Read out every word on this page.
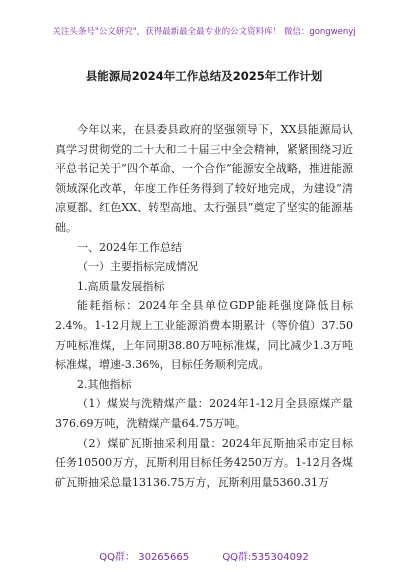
关注头条号"公文研究"，获得最新最全最专业的公文资料库！ 微信：gongwenyj
县能源局2024年工作总结及2025年工作计划

今年以来，在县委县政府的坚强领导下，XX县能源局认真学习贯彻党的二十大和二十届三中全会精神，紧紧围绕习近平总书记关于“四个革命、一个合作”能源安全战略，推进能源领域深化改革，年度工作任务得到了较好地完成，为建设“清凉夏都、红色XX、转型高地、太行强县”奠定了坚实的能源基础。

一、2024年工作总结

（一）主要指标完成情况

1.高质量发展指标

能耗指标：2024年全县单位GDP能耗强度降低目标2.4%。1-12月规上工业能源消费本期累计（等价值）37.50万吨标准煤，上年同期38.80万吨标准煤，同比减少1.3万吨标准煤，增速-3.36%，目标任务顺利完成。

2.其他指标

（1）煤炭与洗精煤产量：2024年1-12月全县原煤产量376.69万吨，洗精煤产量64.75万吨。

（2）煤矿瓦斯抽采利用量：2024年瓦斯抽采市定目标任务10500万方，瓦斯利用目标任务4250万方。1-12月各煤矿瓦斯抽采总量13136.75万方，瓦斯利用量5360.31万

QQ群： 30265665	QQ群:535304092
